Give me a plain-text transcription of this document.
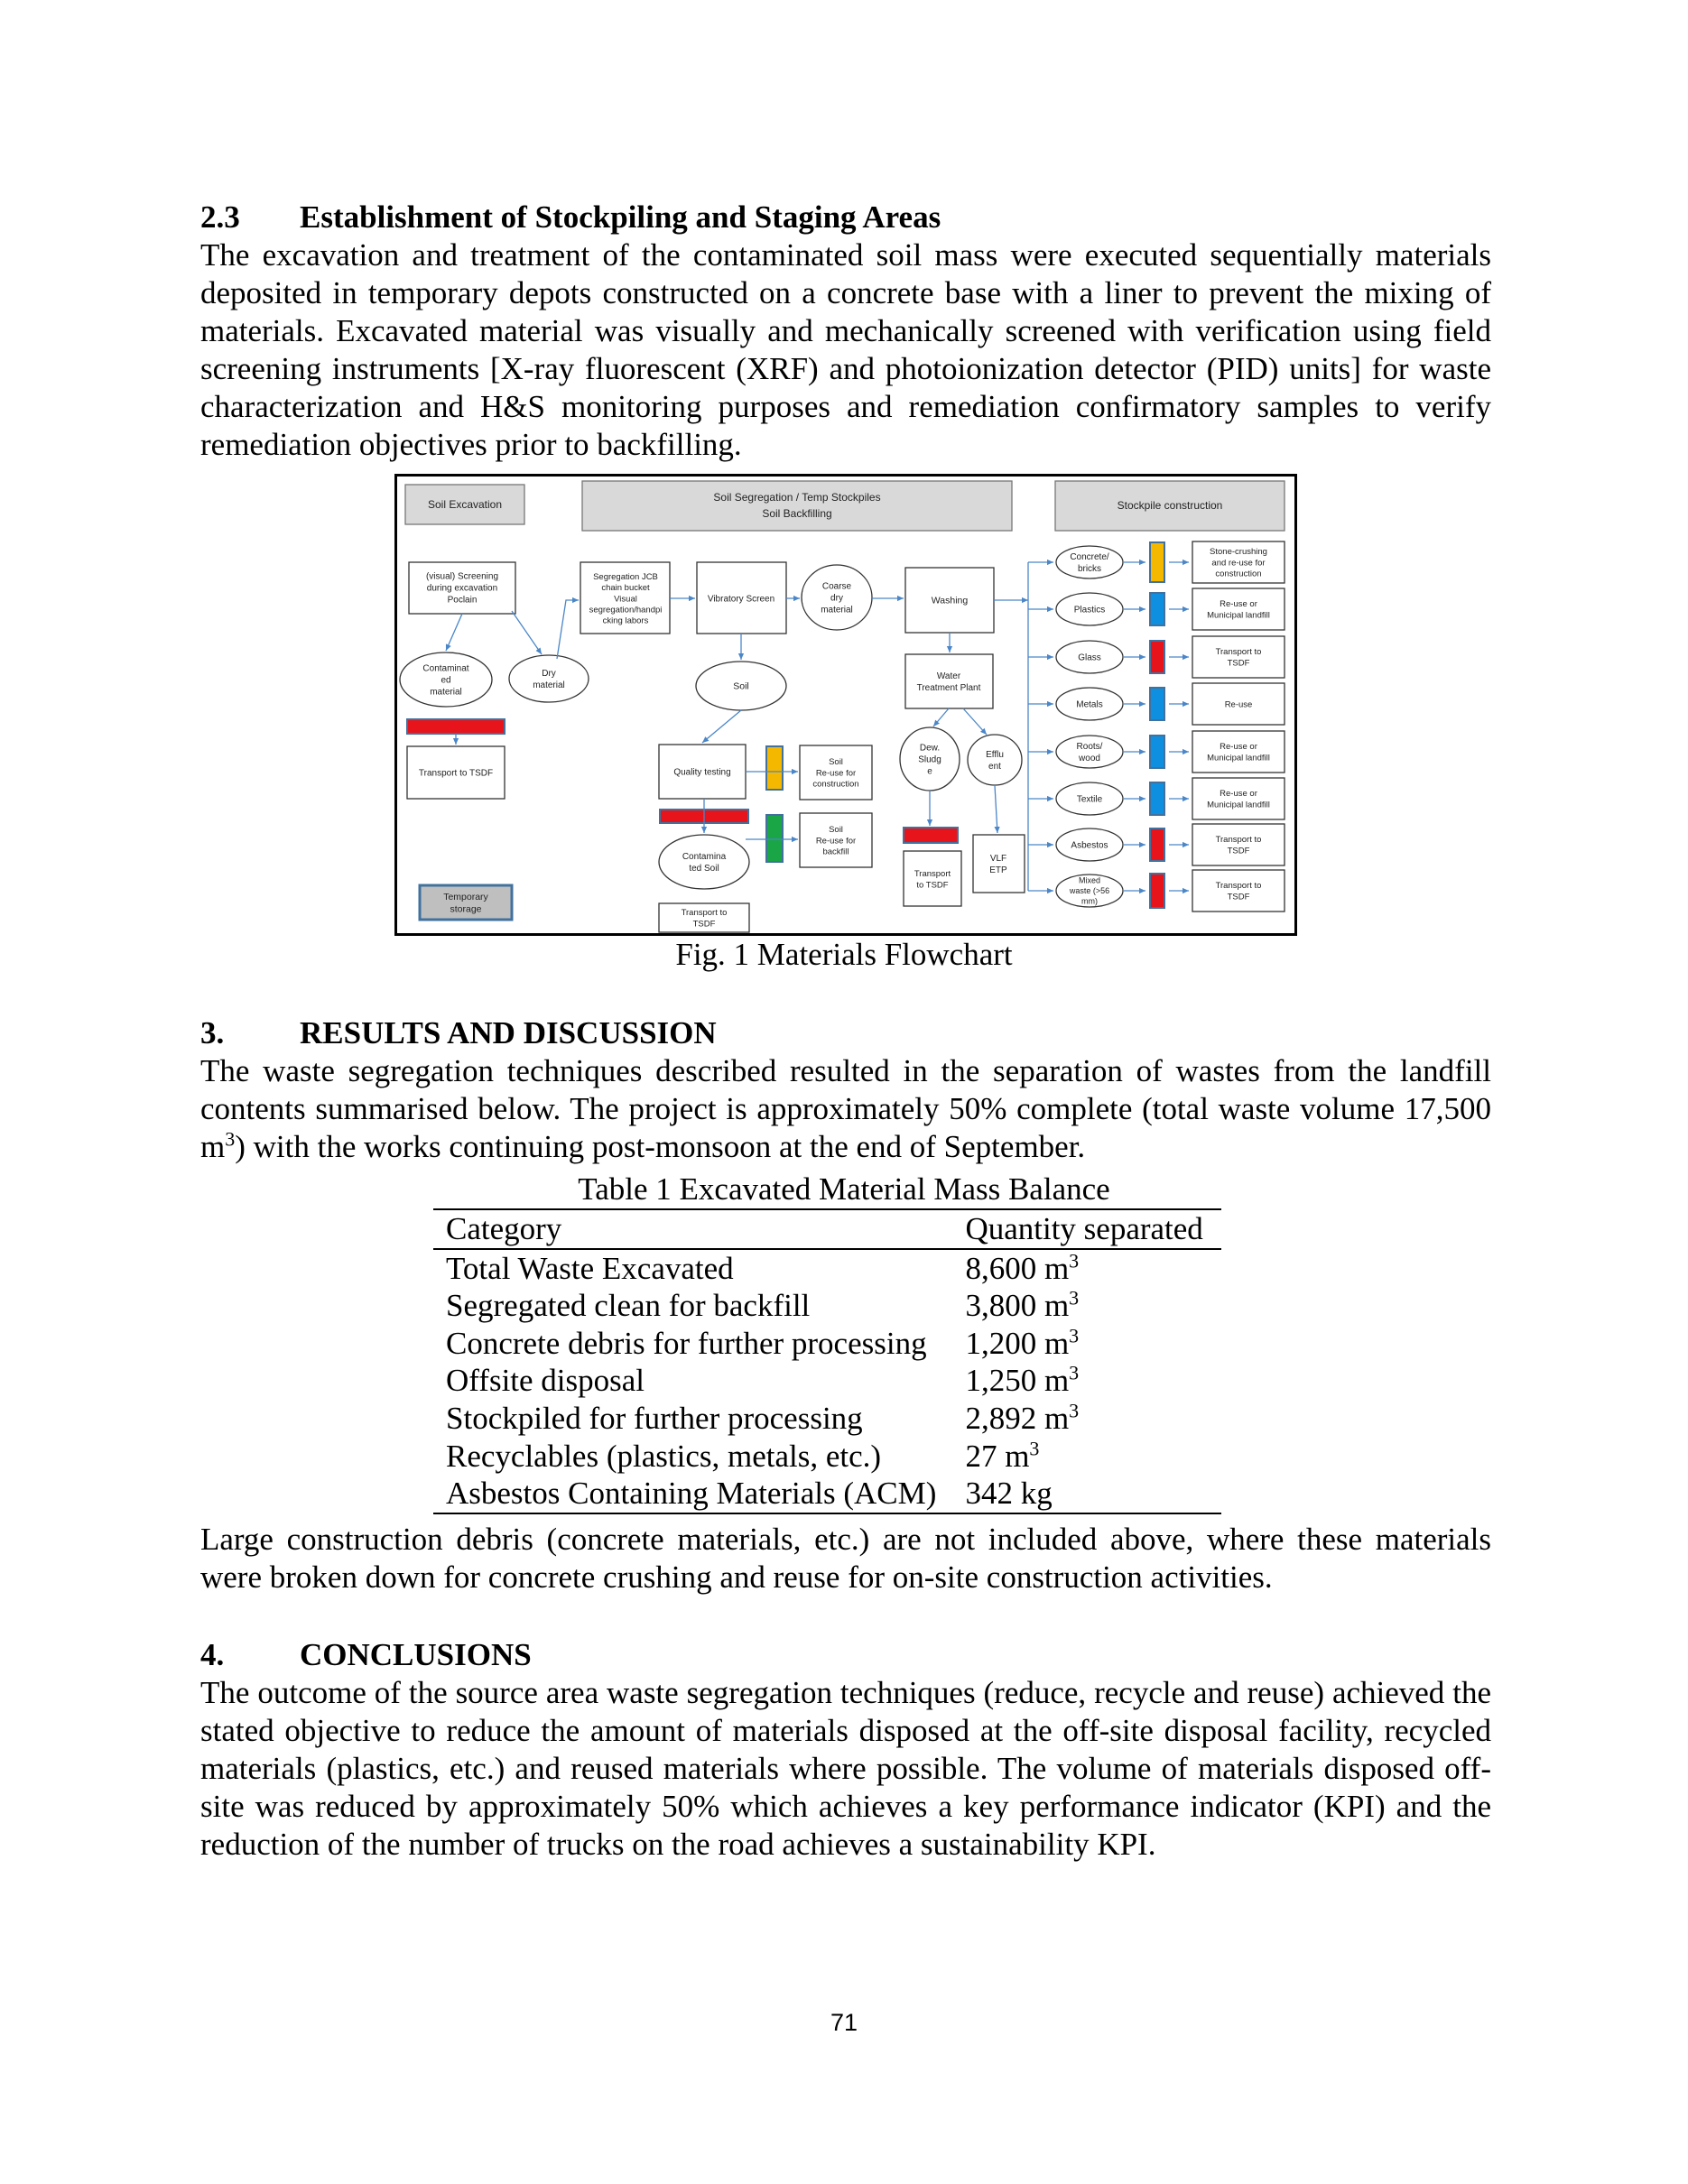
2.3 Establishment of Stockpiling and Staging Areas

The excavation and treatment of the contaminated soil mass were executed sequentially materials deposited in temporary depots constructed on a concrete base with a liner to prevent the mixing of materials. Excavated material was visually and mechanically screened with verification using field screening instruments [X-ray fluorescent (XRF) and photoionization detector (PID) units] for waste characterization and H&S monitoring purposes and remediation confirmatory samples to verify remediation objectives prior to backfilling.

Soil Excavation
Soil Segregation / Temp Stockpiles
Soil Backfilling
Stockpile construction
(visual) Screening
during excavation
Poclain
Contaminat
ed
material
Dry
material
Transport to TSDF
Temporary
storage
Segregation JCB
chain bucket
Visual
segregation/handpi
cking labors
Vibratory Screen
Coarse
dry
material
Washing
Soil
Quality testing
Soil
Re-use for
construction
Soil
Re-use for
backfill
Contamina
ted Soil
Transport to
TSDF
Water
Treatment Plant
Dew.
Sludg
e
Efflu
ent
Transport
to TSDF
VLF
ETP
Concrete/
bricks
Stone-crushing
and re-use for
construction
Plastics
Re-use or
Municipal landfill
Glass
Transport to
TSDF
Metals	Re-use
Roots/
wood
Re-use or
Municipal landfill
Textile
Re-use or
Municipal landfill
Asbestos
Transport to
TSDF
Mixed
waste (>56
mm)
Transport to
TSDF
Fig. 1 Materials Flowchart
3. RESULTS AND DISCUSSION

The waste segregation techniques described resulted in the separation of wastes from the landfill contents summarised below. The project is approximately 50% complete (total waste volume 17,500 $m^3$) with the works continuing post-monsoon at the end of September.

Table 1 Excavated Material Mass Balance
Category	Quantity separated
Total Waste Excavated	8,600 $m^3$
Segregated clean for backfill	3,800 $m^3$
Concrete debris for further processing	1,200 $m^3$
Offsite disposal	1,250 $m^3$
Stockpiled for further processing	2,892 $m^3$
Recyclables (plastics, metals, etc.)	27 $m^3$
Asbestos Containing Materials (ACM)	342 kg

Large construction debris (concrete materials, etc.) are not included above, where these materials were broken down for concrete crushing and reuse for on-site construction activities.

4. CONCLUSIONS

The outcome of the source area waste segregation techniques (reduce, recycle and reuse) achieved the stated objective to reduce the amount of materials disposed at the off-site disposal facility, recycled materials (plastics, etc.) and reused materials where possible. The volume of materials disposed off-site was reduced by approximately 50% which achieves a key performance indicator (KPI) and the reduction of the number of trucks on the road achieves a sustainability KPI.

71
